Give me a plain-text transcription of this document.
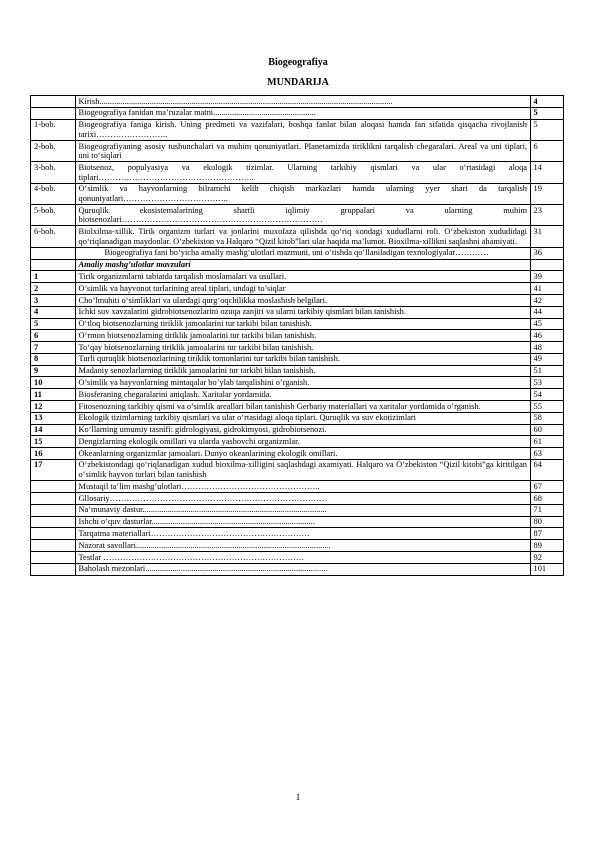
Biogeografiya
MUNDARIJA
	Kirish............................................................................................................................................	4
	Biogeografiya fanidan ma’ruzalar matni.................................................	5
1-bob.	Biogeografiya faniga kirish. Uning predmeti va vazifalari, boshqa fanlar bilan aloqasi hamda fan sifatida qisqacha rivojlanish tarixi……………………..	5
2-bob.	Biogeografiyaning asosiy tushunchalari va muhim qonuniyatlari. Planetamizda tiriklikni tarqalish chegaralari. Areal va uni tiplari, uni to‘siqlari	6
3-bob.	Biotsenoz, populyasiya va ekologik tizimlar. Ularning tarkibiy qismlari va ular o‘rtasidagi aloqa tiplari………………………………………………..	14
4-bob.	O‘simlik va hayvonlarning bilramchi kelib chiqish markazlari hamda ularning yyer shari da tarqalish qonuniyatlari………………………………..	19
5-bob.	Quruqlik ekosistemalarining shartli iqlimiy gruppalari va ularning muhim biotsenozlari………………………………………………………………	23
6-bob.	Biolxilma-xillik. Tirik organizm turlari va jonlarini muxofaza qilishda qo‘riq xondagi xududlarni roli. O‘zbekiston xududidagi qo‘riqlanadigan maydonlar. O‘zbekiston va Halqaro “Qizil kitob”lari ular haqida ma’lumot. Bioxilma-xillikni saqlashni ahamiyati.	31
	Biogeografiya fani bo‘yicha amaliy mashg‘ulotlari mazmuni, uni o‘tishda qo‘llaniladigan texnologiyalar…………	36
	Amaliy mashg’ulotlar mavzulari	
1	Tirik organizmlarni tabiatda tarqalish moslamalari va usullari.	39
2	O’simlik va hayvonot turlarining areal tiplari, undagi to’siqlar	41
3	Cho’lmuhiti o‘simliklari va ulardagi qurg‘oqchilikka moslashish belgilari.	42
4	Ichki suv xavzalarini gidrobiotsenozlarini ozuqa zanjiri va ularni tarkibiy qismlari bilan tanishish.	44
5	O‘tloq biotsenozlarning tiriklik jamoalarini tur tarkibi bilan tanishish.	45
6	O‘rmon biotsenozlarning tiriklik jamoalarini tur tarkibi bilan tanishish.	46
7	To‘qay biotsenozlarning tiriklik jamoalarini tur tarkibi bilan tanishish.	48
8	Turli quruqlik biotsenozlarining tiriklik tomonlarini tur tarkibi bilan tanishish.	49
9	Madaniy senozlarlarning tiriklik jamoalarini tur tarkibi bilan tanishish.	51
10	O’simlik va hayvonlarning mintaqalar bo’ylab tarqalishini o’rganish.	53
11	Biosferaning chegaralarini aniqlash. Xaritalar yordamida.	54
12	Fitosenozning tarkibiy qismi va o’simlik areallari bilan tanishish Gerbariy materiallari va xaritalar yordamida o’rganish.	55
13	Ekologik tizimlarning tarkibiy qismlari va ular o‘rtasidagi aloqa tiplari. Quruqlik va suv ekotizimlari	58
14	Ko‘llarning umumiy tasnifi: gidrologiyasi, gidrokimyosi, gidrobiotsenozi.	60
15	Dengizlarning ekologik omillari va ularda yashovchi organizmlar.	61
16	Okeanlarning organizmlar jamoalari. Dunyo okeanlarining ekologik omillari.	63
17	O‘zbekistondagi qo‘riqlanadigan xudud bioxilma-xilligini saqlashdagi axamiyati. Halqaro va O‘zbekiston “Qizil kitobi”ga kiritilgan o‘simlik hayvon turlari bilan tanishish	64
	Mustaqil ta’lim mashg’ulotlari…………………………………………..	67
	Gllosariy……………………………………………………………………	68
	Na’munaviy dastur........................................................................................	71
	Ishchi o’quv dasturlar..............................................................................	80
	Tarqatma materiallari…………………………………………………	87
	Nazorat savollari.............................................................................................	89
	Testlar ………………………………………………………………	92
	Baholash mezonlari.......................................................................................	101
1
